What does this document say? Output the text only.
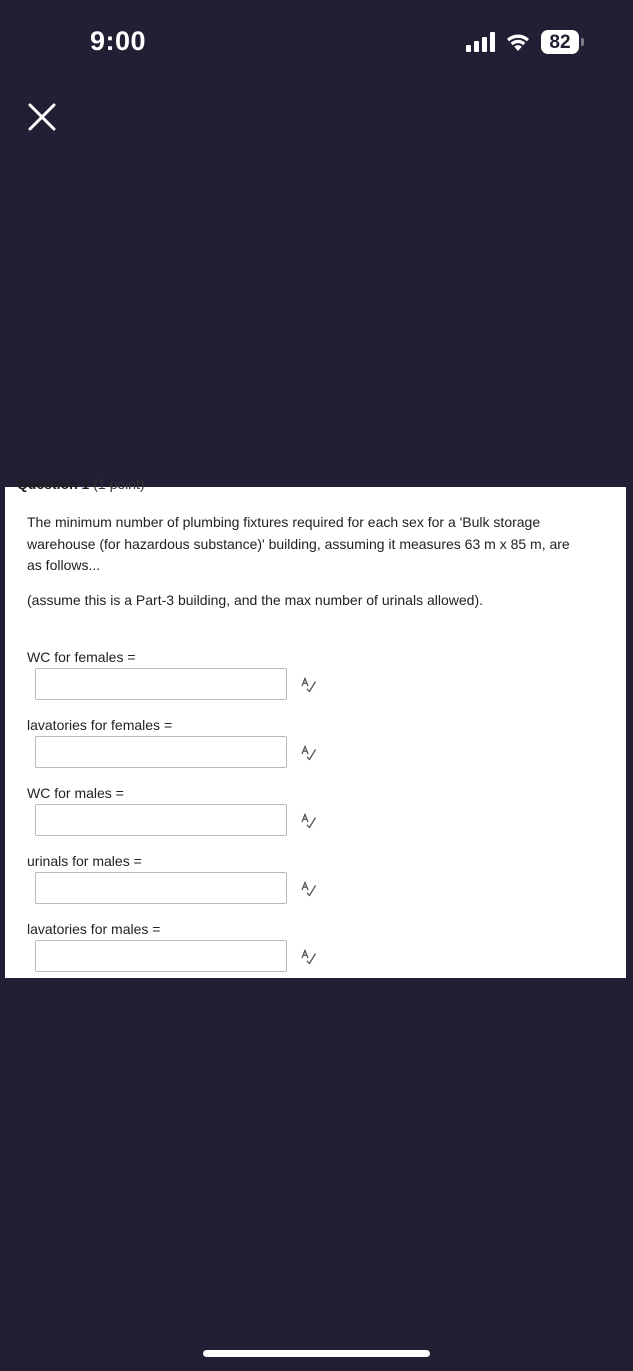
9:00	82
Question 1 (1 point)
The minimum number of plumbing fixtures required for each sex for a 'Bulk storage warehouse (for hazardous substance)' building, assuming it measures 63 m x 85 m, are as follows...
(assume this is a Part-3 building, and the max number of urinals allowed).
WC for females =
lavatories for females =
WC for males =
urinals for males =
lavatories for males =
